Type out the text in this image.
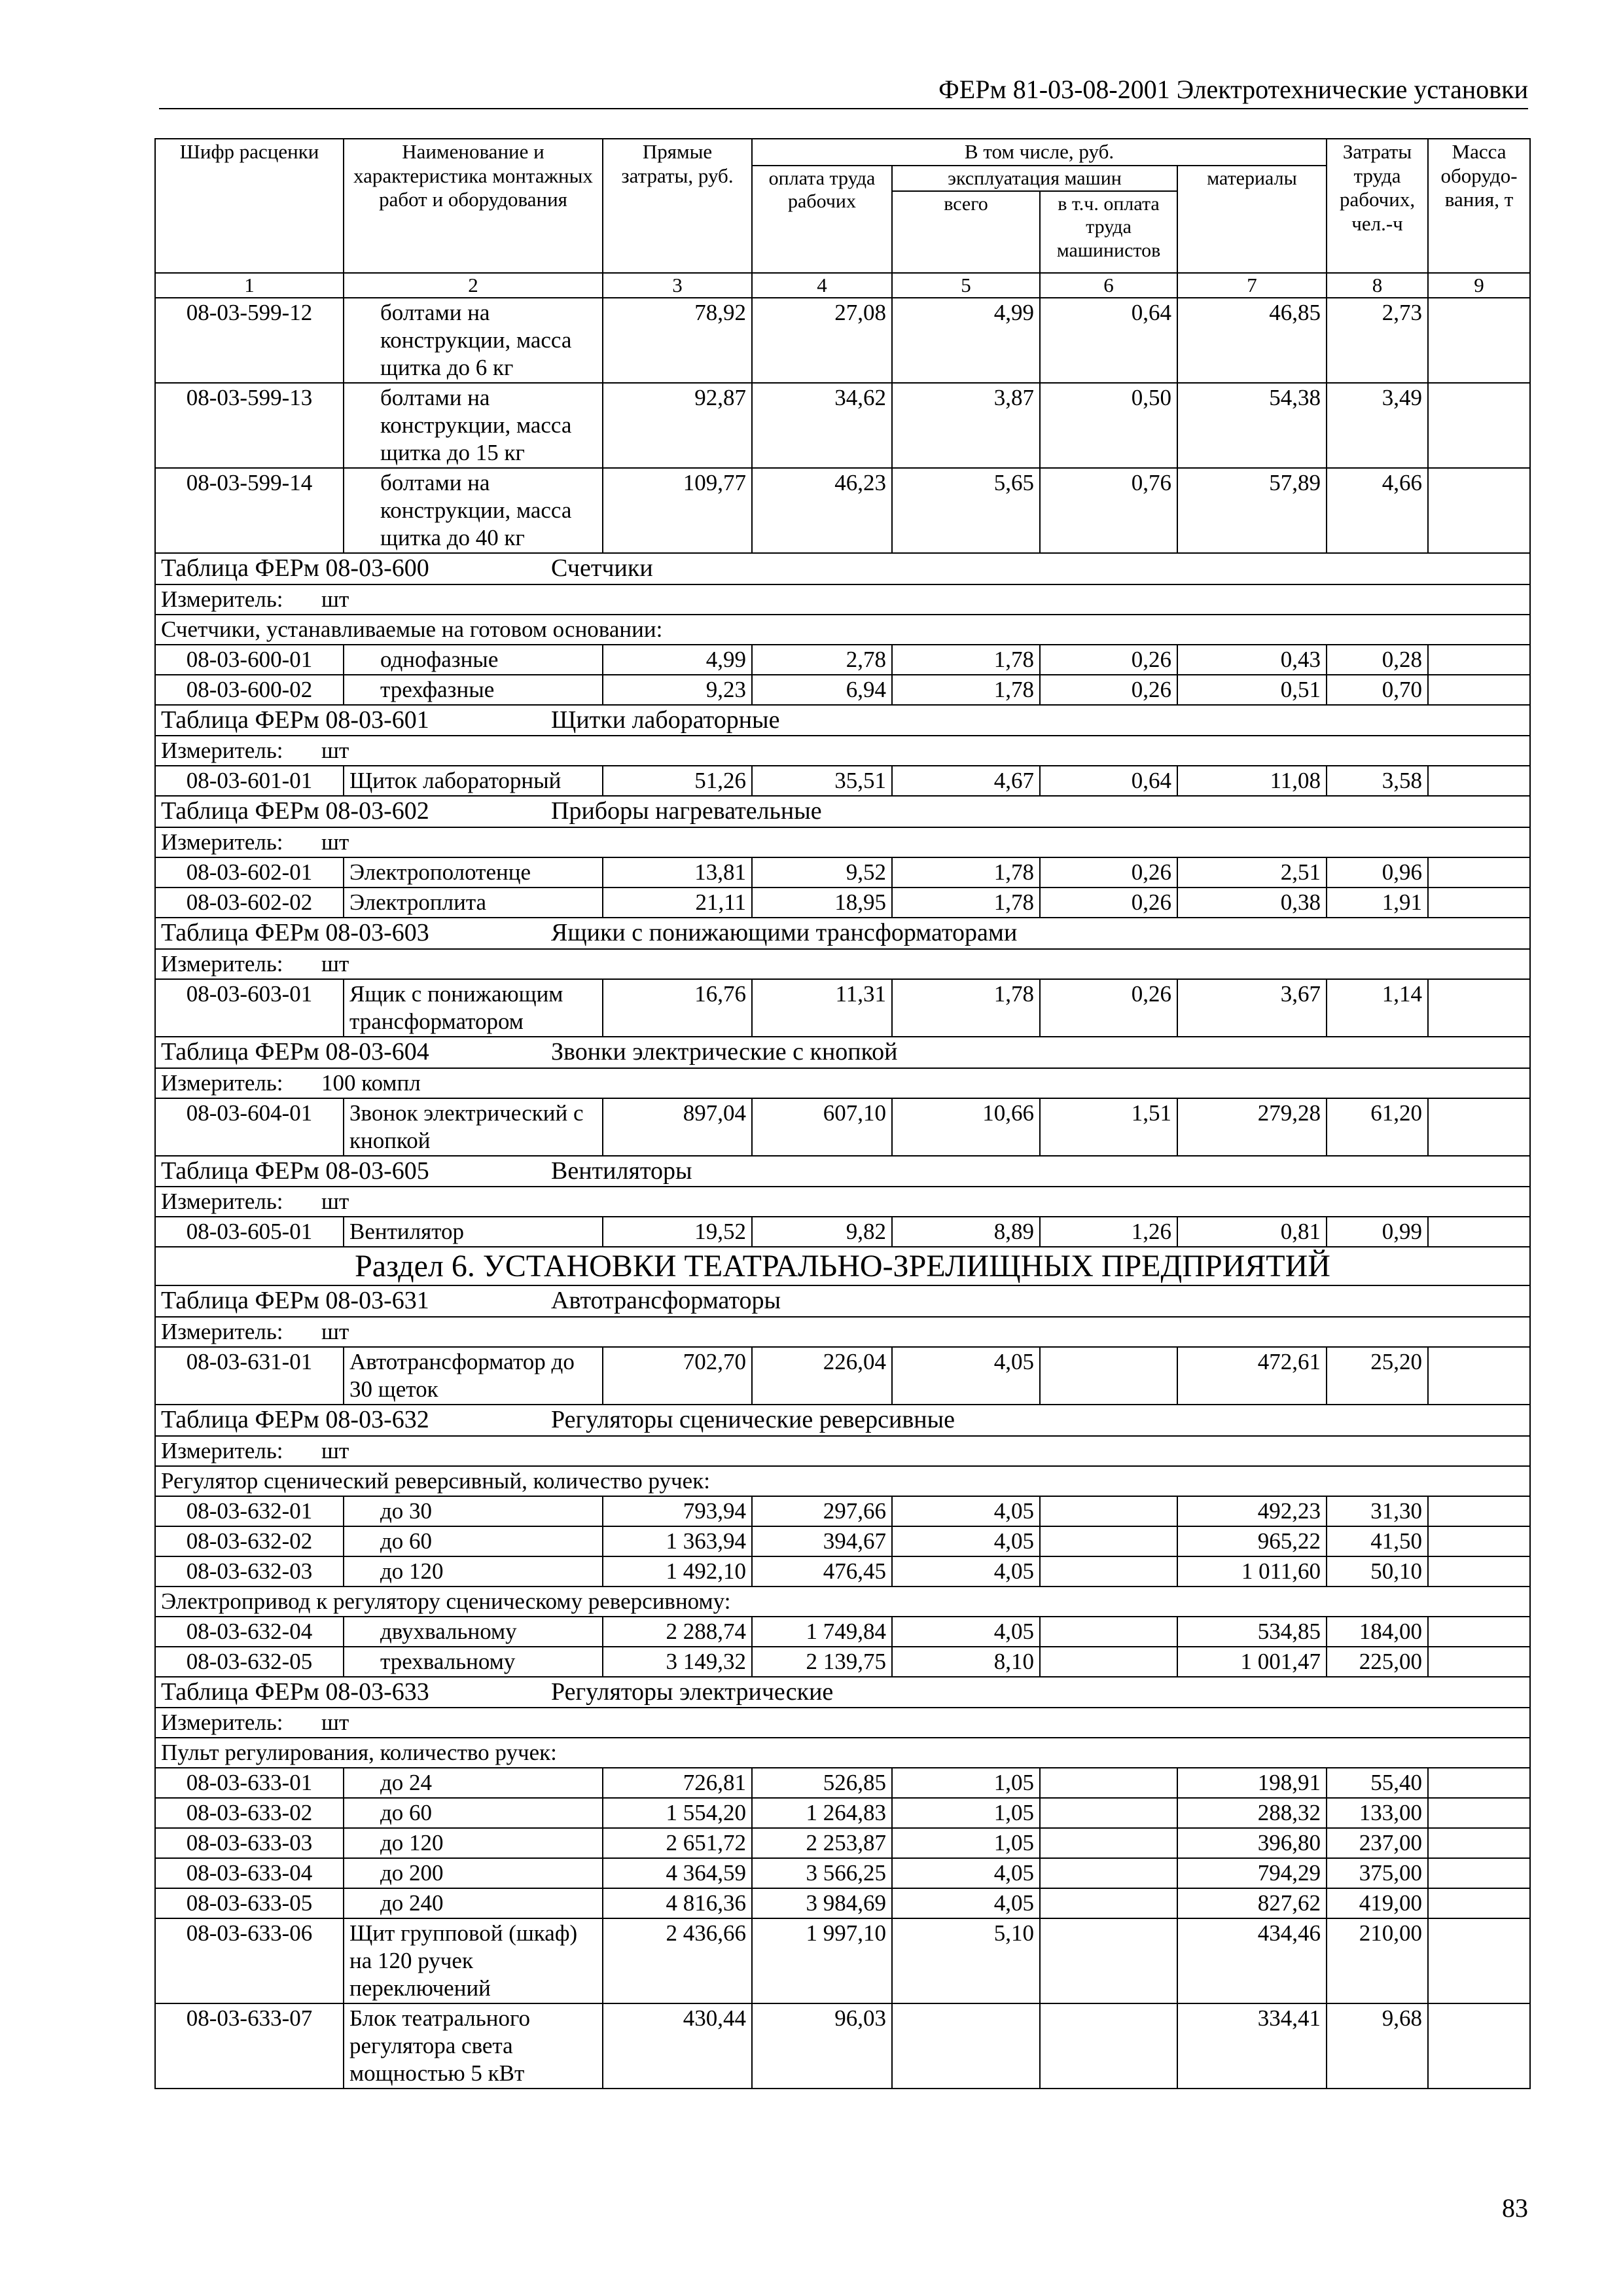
ФЕРм 81-03-08-2001 Электротехнические установки
Шифр расценки	Наименование и характеристика монтажных работ и оборудования	Прямые затраты, руб.	В том числе, руб.				Затраты труда рабочих, чел.-ч	Масса оборудо-вания, т
			оплата труда рабочих	эксплуатация машин		материалы		
				всего	в т.ч. оплата труда машинистов			

1	2	3	4	5	6	7	8	9
08-03-599-12	болтами на конструкции, масса щитка до 6 кг	78,92	27,08	4,99	0,64	46,85	2,73	
08-03-599-13	болтами на конструкции, масса щитка до 15 кг	92,87	34,62	3,87	0,50	54,38	3,49	
08-03-599-14	болтами на конструкции, масса щитка до 40 кг	109,77	46,23	5,65	0,76	57,89	4,66	
Таблица ФЕРм 08-03-600 Счетчики								
Измеритель: шт								
Счетчики, устанавливаемые на готовом основании:								
08-03-600-01	однофазные	4,99	2,78	1,78	0,26	0,43	0,28	
08-03-600-02	трехфазные	9,23	6,94	1,78	0,26	0,51	0,70	
Таблица ФЕРм 08-03-601 Щитки лабораторные								
Измеритель: шт								
08-03-601-01	Щиток лабораторный	51,26	35,51	4,67	0,64	11,08	3,58	
Таблица ФЕРм 08-03-602 Приборы нагревательные								
Измеритель: шт								
08-03-602-01	Электрополотенце	13,81	9,52	1,78	0,26	2,51	0,96	
08-03-602-02	Электроплита	21,11	18,95	1,78	0,26	0,38	1,91	
Таблица ФЕРм 08-03-603 Ящики с понижающими трансформаторами								
Измеритель: шт								
08-03-603-01	Ящик с понижающим трансформатором	16,76	11,31	1,78	0,26	3,67	1,14	
Таблица ФЕРм 08-03-604 Звонки электрические с кнопкой								
Измеритель: 100 компл								
08-03-604-01	Звонок электрический с кнопкой	897,04	607,10	10,66	1,51	279,28	61,20	
Таблица ФЕРм 08-03-605 Вентиляторы								
Измеритель: шт								
08-03-605-01	Вентилятор	19,52	9,82	8,89	1,26	0,81	0,99	
Раздел 6. УСТАНОВКИ ТЕАТРАЛЬНО-ЗРЕЛИЩНЫХ ПРЕДПРИЯТИЙ								
Таблица ФЕРм 08-03-631 Автотрансформаторы								
Измеритель: шт								
08-03-631-01	Автотрансформатор до 30 щеток	702,70	226,04	4,05		472,61	25,20	
Таблица ФЕРм 08-03-632 Регуляторы сценические реверсивные								
Измеритель: шт								
Регулятор сценический реверсивный, количество ручек:								
08-03-632-01	до 30	793,94	297,66	4,05		492,23	31,30	
08-03-632-02	до 60	1 363,94	394,67	4,05		965,22	41,50	
08-03-632-03	до 120	1 492,10	476,45	4,05		1 011,60	50,10	
Электропривод к регулятору сценическому реверсивному:								
08-03-632-04	двухвальному	2 288,74	1 749,84	4,05		534,85	184,00	
08-03-632-05	трехвальному	3 149,32	2 139,75	8,10		1 001,47	225,00	
Таблица ФЕРм 08-03-633 Регуляторы электрические								
Измеритель: шт								
Пульт регулирования, количество ручек:								
08-03-633-01	до 24	726,81	526,85	1,05		198,91	55,40	
08-03-633-02	до 60	1 554,20	1 264,83	1,05		288,32	133,00	
08-03-633-03	до 120	2 651,72	2 253,87	1,05		396,80	237,00	
08-03-633-04	до 200	4 364,59	3 566,25	4,05		794,29	375,00	
08-03-633-05	до 240	4 816,36	3 984,69	4,05		827,62	419,00	
08-03-633-06	Щит групповой (шкаф) на 120 ручек переключений	2 436,66	1 997,10	5,10		434,46	210,00	
08-03-633-07	Блок театрального регулятора света мощностью 5 кВт	430,44	96,03			334,41	9,68	
83
